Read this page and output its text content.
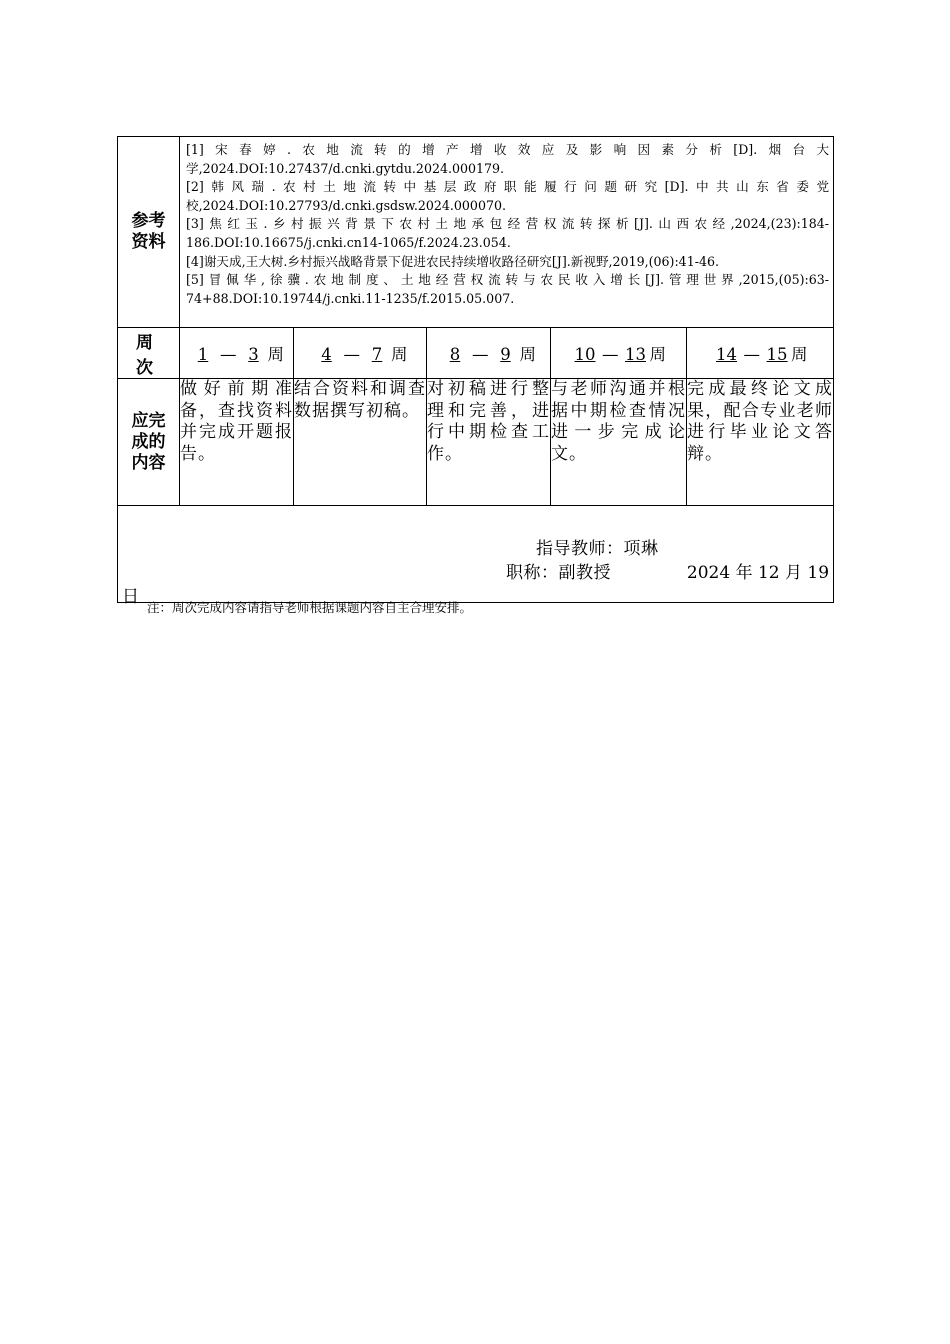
参考资料	[1]宋春婷.农地流转的增产增收效应及影响因素分析[D].烟台大学,2024.DOI:10.27437/d.cnki.gytdu.2024.000179.
[2]韩风瑞.农村土地流转中基层政府职能履行问题研究[D].中共山东省委党校,2024.DOI:10.27793/d.cnki.gsdsw.2024.000070.
[3]焦红玉.乡村振兴背景下农村土地承包经营权流转探析[J].山西农经,2024,(23):184-186.DOI:10.16675/j.cnki.cn14-1065/f.2024.23.054.
[4]谢天成,王大树.乡村振兴战略背景下促进农民持续增收路径研究[J].新视野,2019,(06):41-46.
[5]冒佩华,徐骥.农地制度、土地经营权流转与农民收入增长[J].管理世界,2015,(05):63-74+88.DOI:10.19744/j.cnki.11-1235/f.2015.05.007.				

周 次	1 — 3 周	4 — 7 周	8 — 9 周	10 — 13 周	14 — 15 周
应完成的内容	做好前期准备，查找资料并完成开题报告。	结合资料和调查数据撰写初稿。	对初稿进行整理和完善，进行中期检查工作。	与老师沟通并根据中期检查情况进一步完成论文。	完成最终论文成果，配合专业老师进行毕业论文答辩。

指导教师：项琳
职称：副教授 2024 年 12 月 19
日					
注：周次完成内容请指导老师根据课题内容自主合理安排。
